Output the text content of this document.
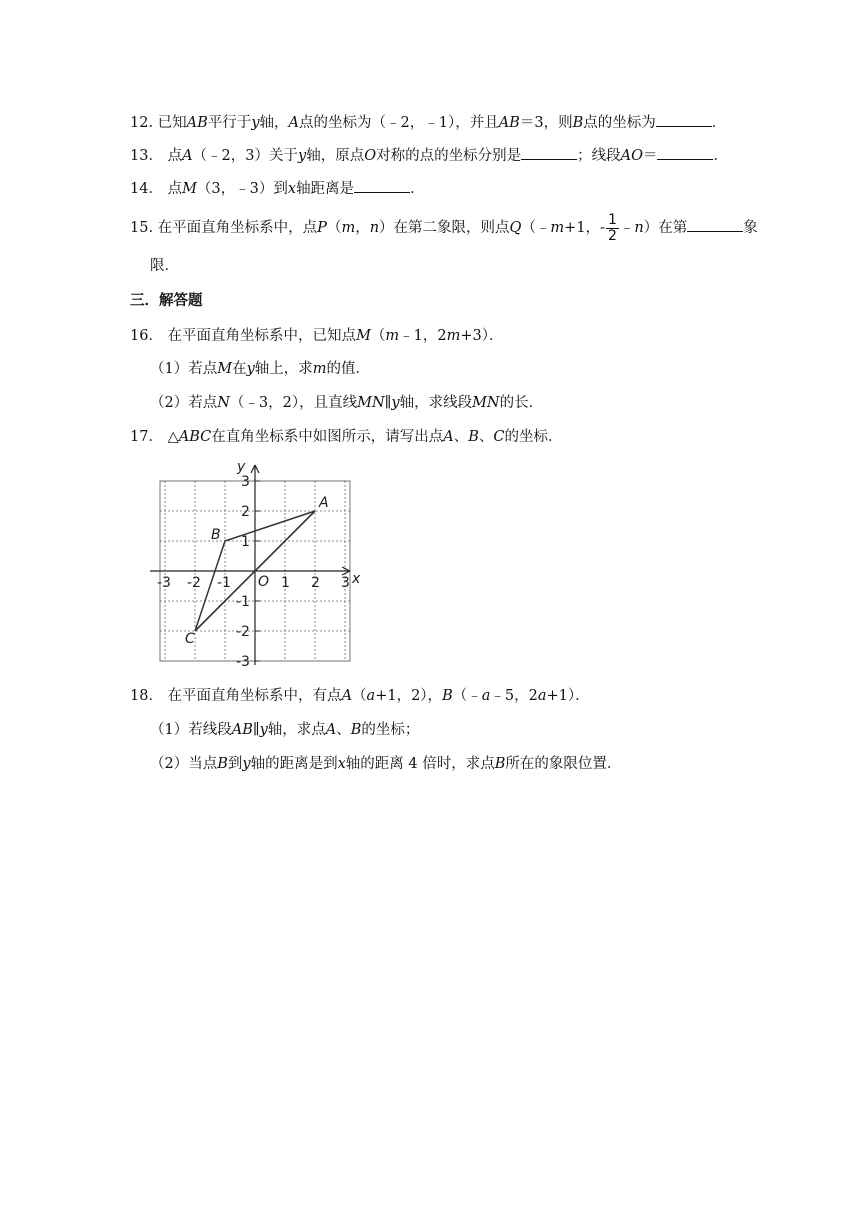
12. 已知AB平行于y轴，A点的坐标为（﹣2，﹣1），并且AB＝3，则B点的坐标为	．
13． 点A（﹣2，3）关于y轴，原点O对称的点的坐标分别是	；线段AO＝	．
14． 点M（3，﹣3）到x轴距离是	．
15. 在平面直角坐标系中，点P（m，n）在第二象限，则点Q（﹣m+1，- $\frac{1}{2}$ ﹣n）在第	象
限．
三．解答题
16． 在平面直角坐标系中，已知点M（m﹣1，2m+3）．
（1）若点M在y轴上，求m的值．
（2）若点N（﹣3，2），且直线MN∥y轴，求线段MN的长．
17． △ABC在直角坐标系中如图所示，请写出点A、B、C的坐标．
x
y
O
-3 -2 -1	1 2 3
3
2
1
-1
-2
-3
A
B
C
18． 在平面直角坐标系中，有点A（a+1，2），B（﹣a﹣5，2a+1）．
（1）若线段AB∥y轴，求点A、B的坐标；
（2）当点B到y轴的距离是到x轴的距离 4 倍时，求点B所在的象限位置．
